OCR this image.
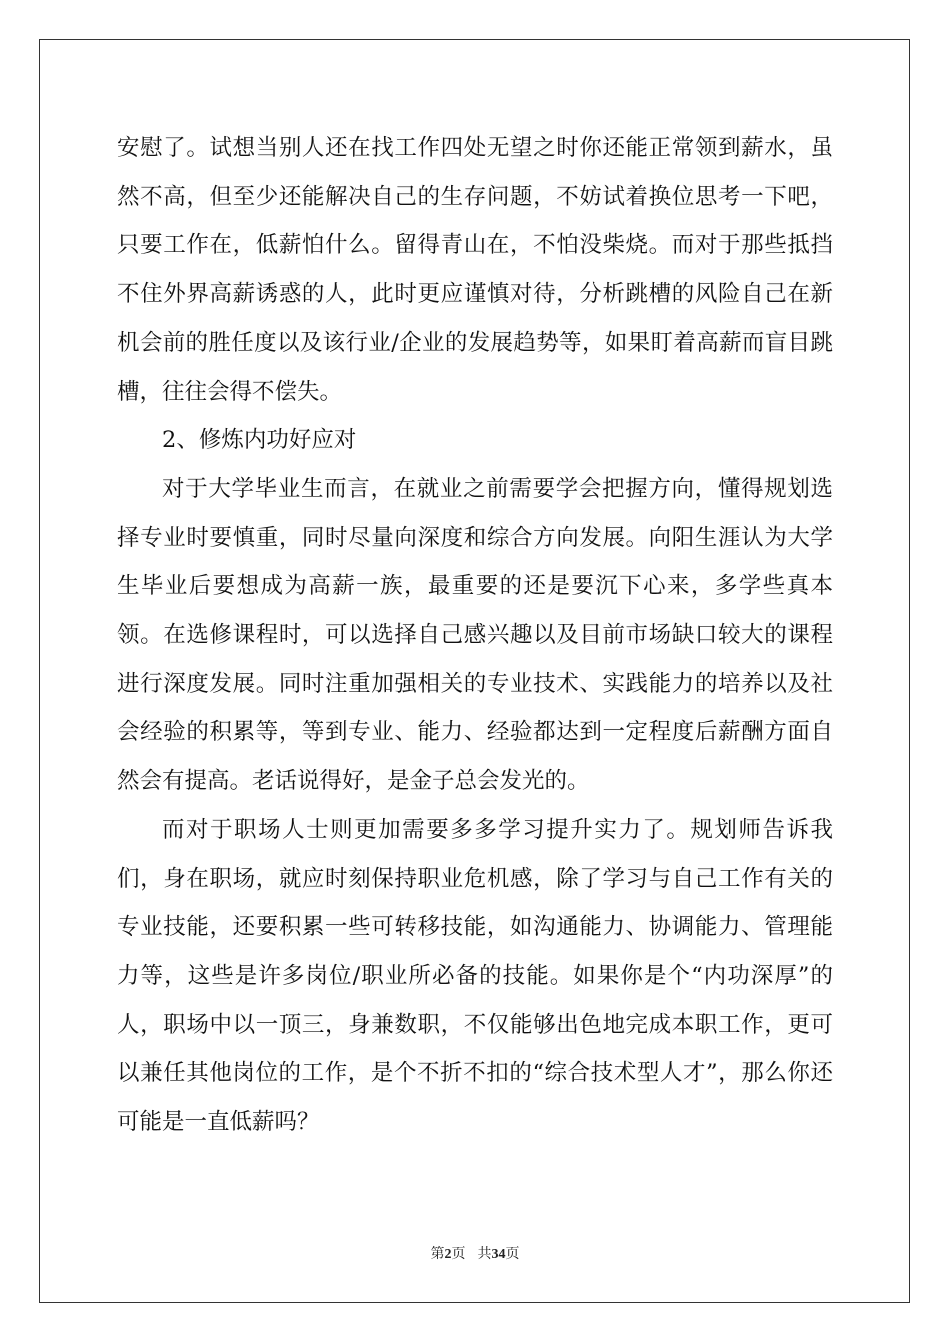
安慰了。试想当别人还在找工作四处无望之时你还能正常领到薪水，虽然不高，但至少还能解决自己的生存问题，不妨试着换位思考一下吧，只要工作在，低薪怕什么。留得青山在，不怕没柴烧。而对于那些抵挡不住外界高薪诱惑的人，此时更应谨慎对待，分析跳槽的风险自己在新机会前的胜任度以及该行业/企业的发展趋势等，如果盯着高薪而盲目跳槽，往往会得不偿失。

2、修炼内功好应对

对于大学毕业生而言，在就业之前需要学会把握方向，懂得规划选择专业时要慎重，同时尽量向深度和综合方向发展。向阳生涯认为大学生毕业后要想成为高薪一族，最重要的还是要沉下心来，多学些真本领。在选修课程时，可以选择自己感兴趣以及目前市场缺口较大的课程进行深度发展。同时注重加强相关的专业技术、实践能力的培养以及社会经验的积累等，等到专业、能力、经验都达到一定程度后薪酬方面自然会有提高。老话说得好，是金子总会发光的。

而对于职场人士则更加需要多多学习提升实力了。规划师告诉我们，身在职场，就应时刻保持职业危机感，除了学习与自己工作有关的专业技能，还要积累一些可转移技能，如沟通能力、协调能力、管理能力等，这些是许多岗位/职业所必备的技能。如果你是个“内功深厚”的人，职场中以一顶三，身兼数职，不仅能够出色地完成本职工作，更可以兼任其他岗位的工作，是个不折不扣的“综合技术型人才”，那么你还可能是一直低薪吗？

第2页 共34页
